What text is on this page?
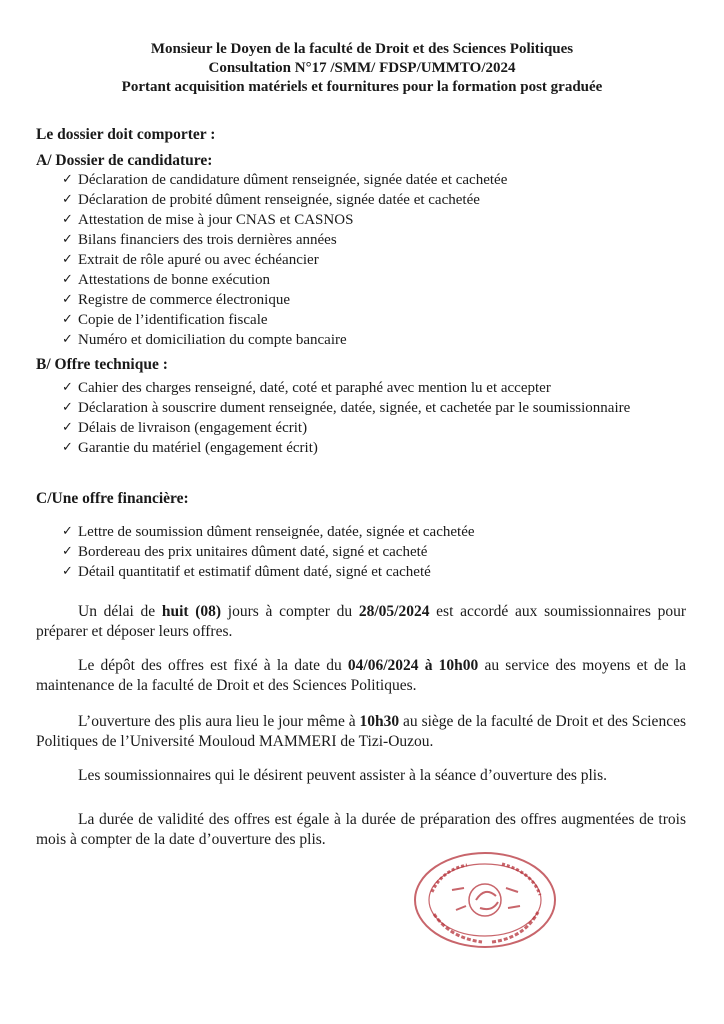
Monsieur le Doyen de la faculté de Droit et des Sciences Politiques
Consultation N°17 /SMM/ FDSP/UMMTO/2024
Portant acquisition matériels et fournitures pour la formation post graduée
Le dossier doit comporter :
A/ Dossier de candidature:
✓ Déclaration de candidature dûment renseignée, signée datée et cachetée
✓ Déclaration de probité dûment renseignée, signée datée et cachetée
✓ Attestation de mise à jour CNAS et CASNOS
✓ Bilans financiers des trois dernières années
✓ Extrait de rôle apuré ou avec échéancier
✓ Attestations de bonne exécution
✓ Registre de commerce électronique
✓ Copie de l’identification fiscale
✓ Numéro et domiciliation du compte bancaire
B/ Offre technique :
✓ Cahier des charges renseigné, daté, coté et paraphé avec mention lu et accepter
✓ Déclaration à souscrire dument renseignée, datée, signée, et cachetée par le soumissionnaire
✓ Délais de livraison (engagement écrit)
✓ Garantie du matériel (engagement écrit)
C/Une offre financière:
✓ Lettre de soumission dûment renseignée, datée, signée et cachetée
✓ Bordereau des prix unitaires dûment daté, signé et cacheté
✓ Détail quantitatif et estimatif dûment daté, signé et cacheté
Un délai de huit (08) jours à compter du 28/05/2024 est accordé aux soumissionnaires pour préparer et déposer leurs offres.
Le dépôt des offres est fixé à la date du 04/06/2024 à 10h00 au service des moyens et de la maintenance de la faculté de Droit et des Sciences Politiques.
L’ouverture des plis aura lieu le jour même à 10h30 au siège de la faculté de Droit et des Sciences Politiques de l’Université Mouloud MAMMERI de Tizi-Ouzou.
Les soumissionnaires qui le désirent peuvent assister à la séance d’ouverture des plis.
La durée de validité des offres est égale à la durée de préparation des offres augmentées de trois mois à compter de la date d’ouverture des plis.
